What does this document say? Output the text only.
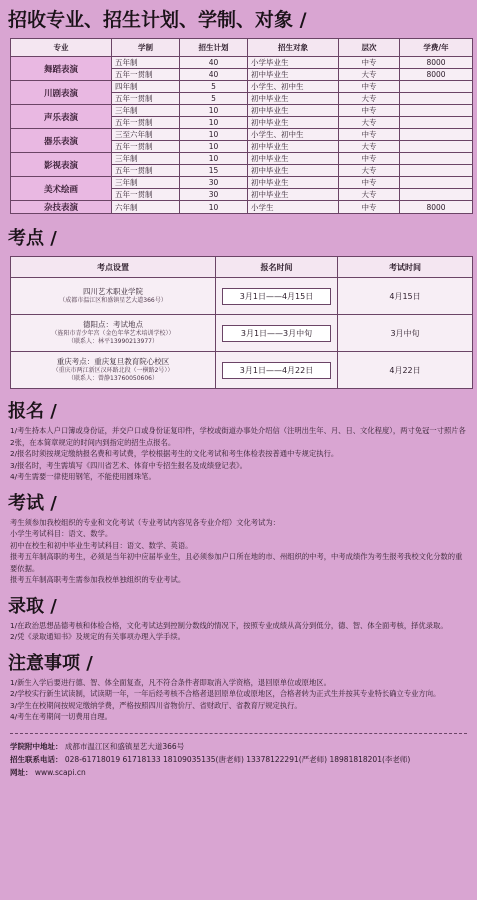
招收专业、招生计划、学制、对象 /
专业	学制	招生计划	招生对象	层次	学费/年
舞蹈表演	五年制	40	小学毕业生	中专	8000
	五年一贯制	40	初中毕业生	大专	8000
川剧表演	四年制	5	小学生、初中生	中专	
	五年一贯制	5	初中毕业生	大专	
声乐表演	三年制	10	初中毕业生	中专	
	五年一贯制	10	初中毕业生	大专	
器乐表演	三至六年制	10	小学生、初中生	中专	
	五年一贯制	10	初中毕业生	大专	
影视表演	三年制	10	初中毕业生	中专	
	五年一贯制	15	初中毕业生	大专	
美术绘画	三年制	30	初中毕业生	中专	
	五年一贯制	30	初中毕业生	大专	
杂技表演	六年制	10	小学生	中专	8000
考点 /
考点设置	报名时间	考试时间

四川艺术职业学院
（成都市温江区和盛镇星艺大道366号）	3月1日——4月15日	4月15日

德阳点：考试地点
（旌阳市青少年宫（金色年华艺术培训学校））
（联系人：林平13990213977）	3月1日——3月中旬	3月中旬

重庆考点：重庆复旦教育院心校区
（重庆市两江新区汉环路北段（一横路2号））
（联系人：曾静13760050606）	3月1日——4月22日	4月22日
报名 /

1/考生持本人户口簿或身份证，并交户口或身份证复印件，学校或街道办事处介绍信（注明出生年、月、日、文化程度），两寸免冠一寸照片各2张，在本简章规定的时间内到指定的招生点报名。

2/报名时须按规定缴纳报名费和考试费，学校根据考生的文化考试和考生体检表按普通中专规定执行。

3/报名时，考生需填写《四川省艺术、体育中专招生报名及成绩登记表》。

4/考生需要一律使用钢笔，不能使用圆珠笔。

考试 /

考生须参加我校组织的专业和文化考试（专业考试内容见各专业介绍）文化考试为：

小学生考试科目：语文、数学。

初中在校生和初中毕业生考试科目：语文、数学、英语。

报考五年制高职的考生，必须是当年初中应届毕业生，且必须参加户口所在地的市、州组织的中考，中考成绩作为考生报考我校文化分数的重要依据。

报考五年制高职考生需参加我校单独组织的专业考试。

录取 /

1/在政治思想品德考核和体检合格，文化考试达到控制分数线的情况下，按照专业成绩从高分到低分，德、智、体全面考核，择优录取。

2/凭《录取通知书》及规定的有关事项办理入学手续。

注意事项 /

1/新生入学后要进行德、智、体全面复查，凡不符合条件者即取消入学资格，退回原单位或原地区。

2/学校实行新生试读制，试读期一年，一年后经考核不合格者退回原单位或原地区，合格者转为正式生并按其专业特长确立专业方向。

3/学生在校期间按规定缴纳学费，严格按照四川省物价厅、省财政厅、省教育厅规定执行。

4/考生在考期间一切费用自理。

学院附中地址： 成都市温江区和盛镇星艺大道366号
招生联系电话： 028-61718019 61718133 18109035135(唐老师) 13378122291(严老师) 18981818201(李老师)
网址： www.scapi.cn
